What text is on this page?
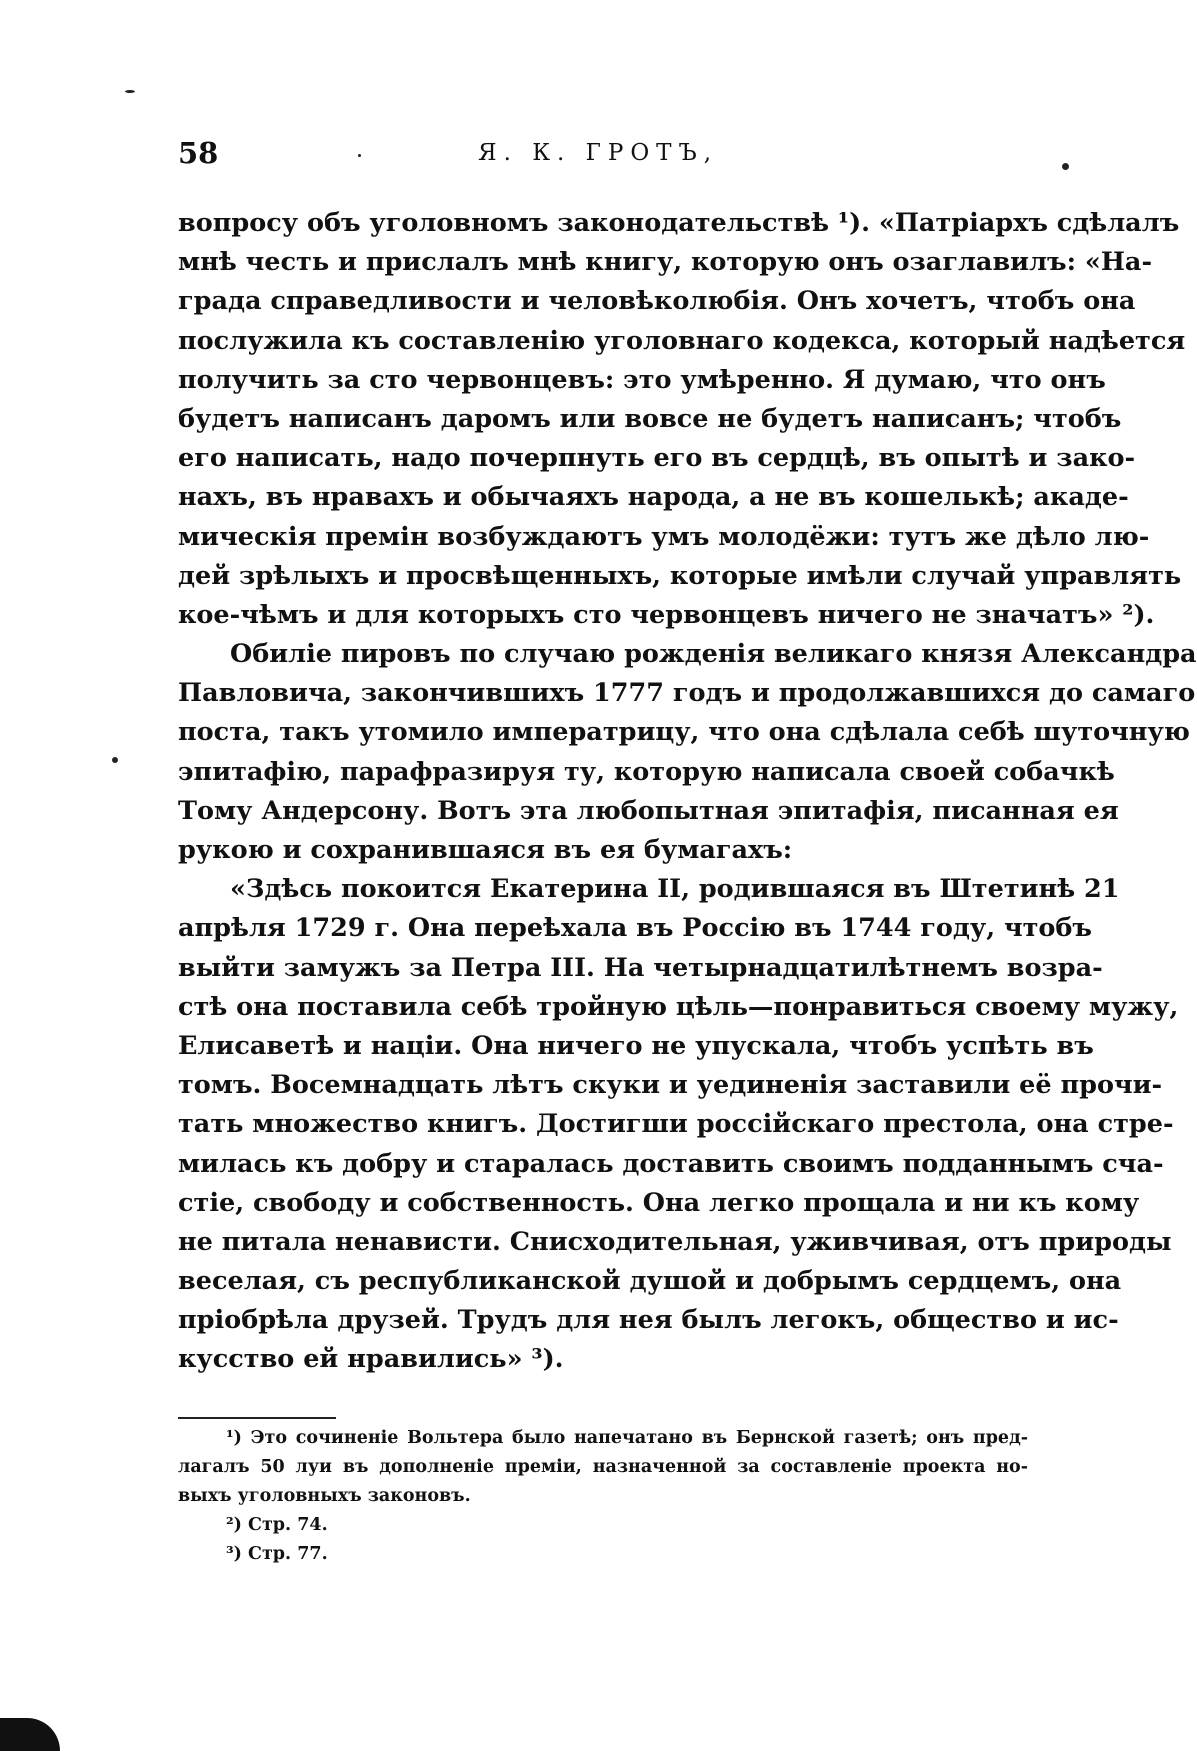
58	Я. К. ГРОТЪ,
вопросу объ уголовномъ законодательствѣ ¹). «Патріархъ сдѣлалъ
мнѣ честь и прислалъ мнѣ книгу, которую онъ озаглавилъ: «На-
града справедливости и человѣколюбія. Онъ хочетъ, чтобъ она
послужила къ составленію уголовнаго кодекса, который надѣется
получить за сто червонцевъ: это умѣренно. Я думаю, что онъ
будетъ написанъ даромъ или вовсе не будетъ написанъ; чтобъ
его написать, надо почерпнуть его въ сердцѣ, въ опытѣ и зако-
нахъ, въ нравахъ и обычаяхъ народа, а не въ кошелькѣ; акаде-
мическія премін возбуждаютъ умъ молодёжи: тутъ же дѣло лю-
дей зрѣлыхъ и просвѣщенныхъ, которые имѣли случай управлять
кое-чѣмъ и для которыхъ сто червонцевъ ничего не значатъ» ²).
Обиліе пировъ по случаю рожденія великаго князя Александра
Павловича, закончившихъ 1777 годъ и продолжавшихся до самаго
поста, такъ утомило императрицу, что она сдѣлала себѣ шуточную
эпитафію, парафразируя ту, которую написала своей собачкѣ
Тому Андерсону. Вотъ эта любопытная эпитафія, писанная ея
рукою и сохранившаяся въ ея бумагахъ:
«Здѣсь покоится Екатерина II, родившаяся въ Штетинѣ 21
апрѣля 1729 г. Она переѣхала въ Россію въ 1744 году, чтобъ
выйти замужъ за Петра III. На четырнадцатилѣтнемъ возра-
стѣ она поставила себѣ тройную цѣль—понравиться своему мужу,
Елисаветѣ и націи. Она ничего не упускала, чтобъ успѣть въ
томъ. Восемнадцать лѣтъ скуки и уединенія заставили её прочи-
тать множество книгъ. Достигши россійскаго престола, она стре-
милась къ добру и старалась доставить своимъ подданнымъ сча-
стіе, свободу и собственность. Она легко прощала и ни къ кому
не питала ненависти. Снисходительная, уживчивая, отъ природы
веселая, съ республиканской душой и добрымъ сердцемъ, она
пріобрѣла друзей. Трудъ для нея былъ легокъ, общество и ис-
кусство ей нравились» ³).
¹) Это сочиненіе Вольтера было напечатано въ Бернской газетѣ; онъ пред-
лагалъ 50 луи въ дополненіе преміи, назначенной за составленіе проекта но-
выхъ уголовныхъ законовъ.
²) Стр. 74.
³) Стр. 77.
